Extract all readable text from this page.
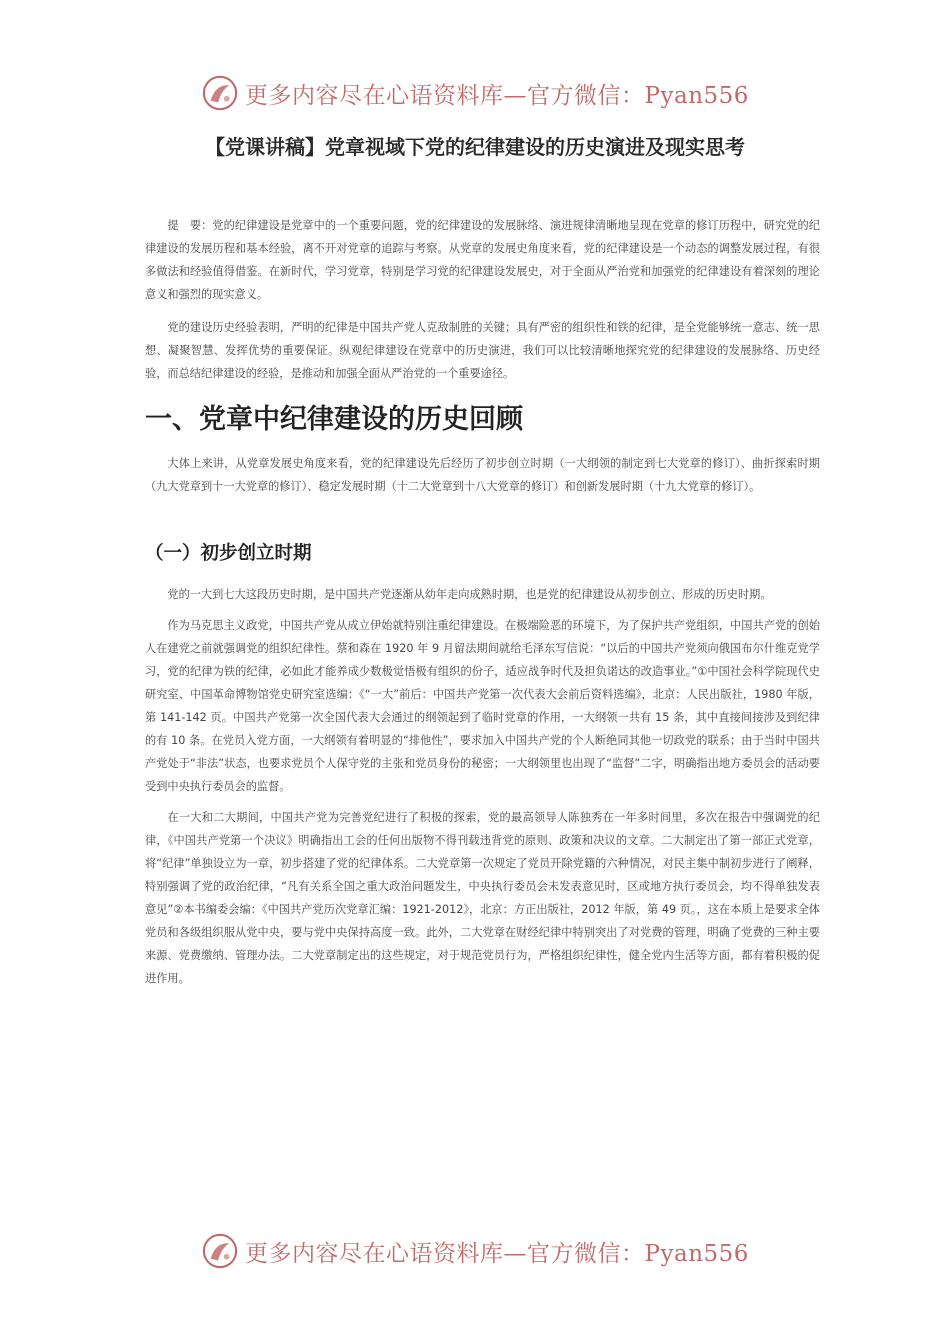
更多内容尽在心语资料库—官方微信：Pyan556
【党课讲稿】党章视域下党的纪律建设的历史演进及现实思考

提　要：党的纪律建设是党章中的一个重要问题，党的纪律建设的发展脉络、演进规律清晰地呈现在党章的修订历程中，研究党的纪律建设的发展历程和基本经验，离不开对党章的追踪与考察。从党章的发展史角度来看，党的纪律建设是一个动态的调整发展过程，有很多做法和经验值得借鉴。在新时代，学习党章，特别是学习党的纪律建设发展史，对于全面从严治党和加强党的纪律建设有着深刻的理论意义和强烈的现实意义。

党的建设历史经验表明，严明的纪律是中国共产党人克敌制胜的关键；具有严密的组织性和铁的纪律，是全党能够统一意志、统一思想、凝聚智慧、发挥优势的重要保证。纵观纪律建设在党章中的历史演进，我们可以比较清晰地探究党的纪律建设的发展脉络、历史经验，而总结纪律建设的经验，是推动和加强全面从严治党的一个重要途径。

一、党章中纪律建设的历史回顾

大体上来讲，从党章发展史角度来看，党的纪律建设先后经历了初步创立时期（一大纲领的制定到七大党章的修订）、曲折探索时期（九大党章到十一大党章的修订）、稳定发展时期（十二大党章到十八大党章的修订）和创新发展时期（十九大党章的修订）。

（一）初步创立时期

党的一大到七大这段历史时期，是中国共产党逐渐从幼年走向成熟时期，也是党的纪律建设从初步创立、形成的历史时期。

作为马克思主义政党，中国共产党从成立伊始就特别注重纪律建设。在极端险恶的环境下，为了保护共产党组织，中国共产党的创始人在建党之前就强调党的组织纪律性。蔡和森在 1920 年 9 月留法期间就给毛泽东写信说：“以后的中国共产党须向俄国布尔什维克党学习，党的纪律为铁的纪律，必如此才能养成少数极觉悟极有组织的份子，适应战争时代及担负诺达的改造事业。”①中国社会科学院现代史研究室、中国革命博物馆党史研究室选编：《“一大”前后：中国共产党第一次代表大会前后资料选编》，北京：人民出版社，1980 年版，第 141-142 页。中国共产党第一次全国代表大会通过的纲领起到了临时党章的作用，一大纲领一共有 15 条，其中直接间接涉及到纪律的有 10 条。在党员入党方面，一大纲领有着明显的“排他性”，要求加入中国共产党的个人断绝同其他一切政党的联系；由于当时中国共产党处于“非法”状态，也要求党员个人保守党的主张和党员身份的秘密；一大纲领里也出现了“监督”二字，明确指出地方委员会的活动要受到中央执行委员会的监督。

在一大和二大期间，中国共产党为完善党纪进行了积极的探索，党的最高领导人陈独秀在一年多时间里，多次在报告中强调党的纪律，《中国共产党第一个决议》明确指出工会的任何出版物不得刊载违背党的原则、政策和决议的文章。二大制定出了第一部正式党章，将“纪律”单独设立为一章，初步搭建了党的纪律体系。二大党章第一次规定了党员开除党籍的六种情况，对民主集中制初步进行了阐释，特别强调了党的政治纪律，“凡有关系全国之重大政治问题发生，中央执行委员会未发表意见时，区或地方执行委员会，均不得单独发表意见”②本书编委会编：《中国共产党历次党章汇编：1921-2012》，北京：方正出版社，2012 年版，第 49 页。，这在本质上是要求全体党员和各级组织服从党中央，要与党中央保持高度一致。此外，二大党章在财经纪律中特别突出了对党费的管理，明确了党费的三种主要来源、党费缴纳、管理办法。二大党章制定出的这些规定，对于规范党员行为，严格组织纪律性，健全党内生活等方面，都有着积极的促进作用。

更多内容尽在心语资料库—官方微信：Pyan556
